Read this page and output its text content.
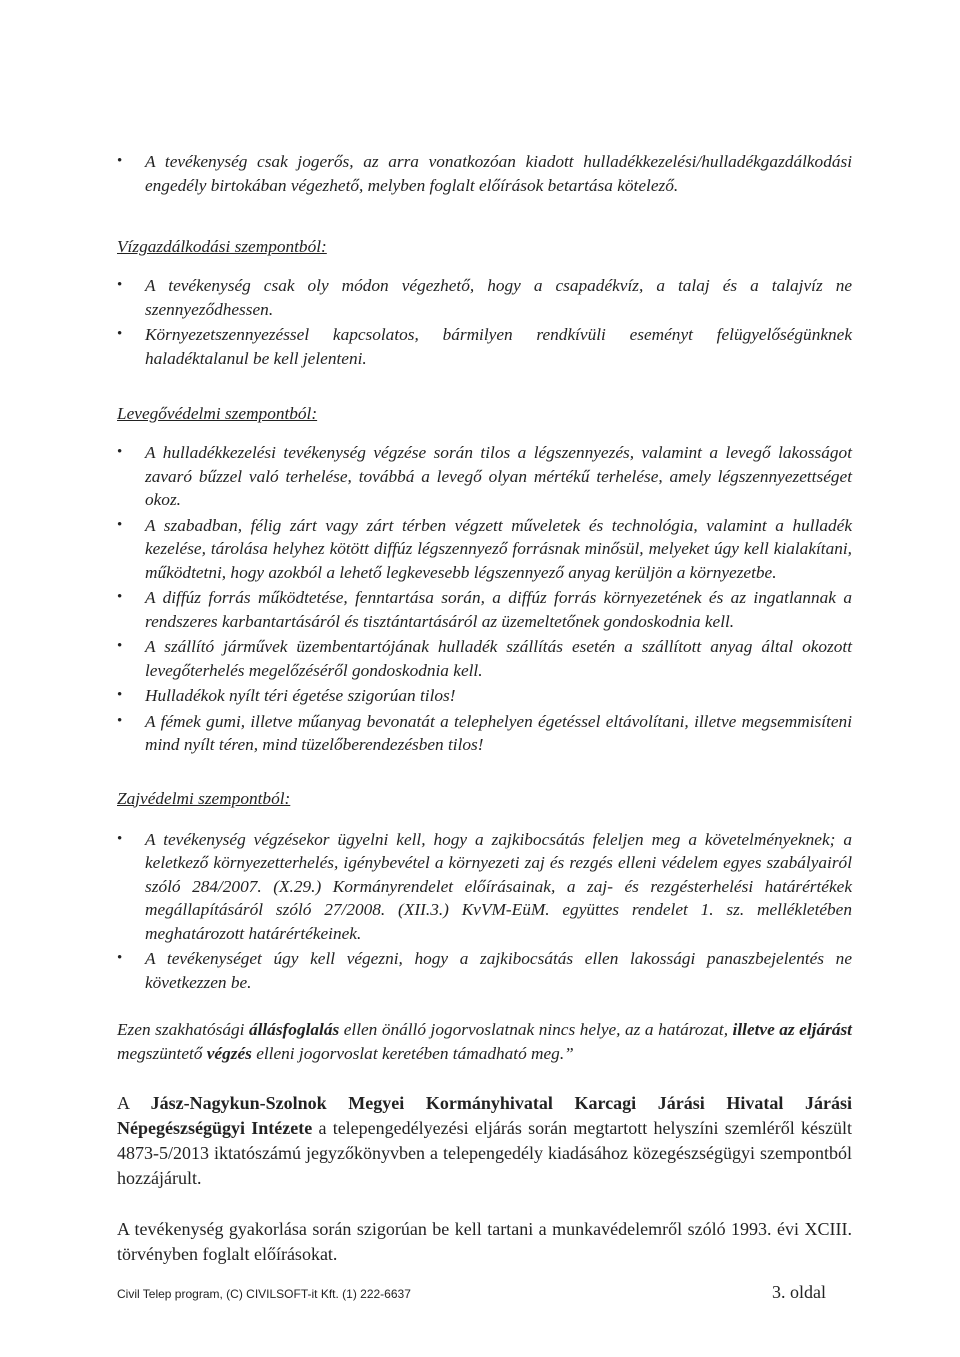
• A tevékenység csak jogerős, az arra vonatkozóan kiadott hulladékkezelési/hulladékgazdálkodási engedély birtokában végezhető, melyben foglalt előírások betartása kötelező.

Vízgazdálkodási szempontból:

• A tevékenység csak oly módon végezhető, hogy a csapadékvíz, a talaj és a talajvíz ne szennyeződhessen.
• Környezetszennyezéssel kapcsolatos, bármilyen rendkívüli eseményt felügyelőségünknek haladéktalanul be kell jelenteni.

Levegővédelmi szempontból:

• A hulladékkezelési tevékenység végzése során tilos a légszennyezés, valamint a levegő lakosságot zavaró bűzzel való terhelése, továbbá a levegő olyan mértékű terhelése, amely légszennyezettséget okoz.
• A szabadban, félig zárt vagy zárt térben végzett műveletek és technológia, valamint a hulladék kezelése, tárolása helyhez kötött diffúz légszennyező forrásnak minősül, melyeket úgy kell kialakítani, működtetni, hogy azokból a lehető legkevesebb légszennyező anyag kerüljön a környezetbe.
• A diffúz forrás működtetése, fenntartása során, a diffúz forrás környezetének és az ingatlannak a rendszeres karbantartásáról és tisztántartásáról az üzemeltetőnek gondoskodnia kell.
• A szállító járművek üzembentartójának hulladék szállítás esetén a szállított anyag által okozott levegőterhelés megelőzéséről gondoskodnia kell.
• Hulladékok nyílt téri égetése szigorúan tilos!
• A fémek gumi, illetve műanyag bevonatát a telephelyen égetéssel eltávolítani, illetve megsemmisíteni mind nyílt téren, mind tüzelőberendezésben tilos!

Zajvédelmi szempontból:

• A tevékenység végzésekor ügyelni kell, hogy a zajkibocsátás feleljen meg a követelményeknek; a keletkező környezetterhelés, igénybevétel a környezeti zaj és rezgés elleni védelem egyes szabályairól szóló 284/2007. (X.29.) Kormányrendelet előírásainak, a zaj- és rezgésterhelési határértékek megállapításáról szóló 27/2008. (XII.3.) KvVM-EüM. együttes rendelet 1. sz. mellékletében meghatározott határértékeinek.
• A tevékenységet úgy kell végezni, hogy a zajkibocsátás ellen lakossági panaszbejelentés ne következzen be.

Ezen szakhatósági állásfoglalás ellen önálló jogorvoslatnak nincs helye, az a határozat, illetve az eljárást megszüntető végzés elleni jogorvoslat keretében támadható meg.”

A Jász-Nagykun-Szolnok Megyei Kormányhivatal Karcagi Járási Hivatal Járási Népegészségügyi Intézete a telepengedélyezési eljárás során megtartott helyszíni szemléről készült 4873-5/2013 iktatószámú jegyzőkönyvben a telepengedély kiadásához közegészségügyi szempontból hozzájárult.

A tevékenység gyakorlása során szigorúan be kell tartani a munkavédelemről szóló 1993. évi XCIII. törvényben foglalt előírásokat.

Civil Telep program, (C) CIVILSOFT-it Kft. (1) 222-6637	3. oldal
